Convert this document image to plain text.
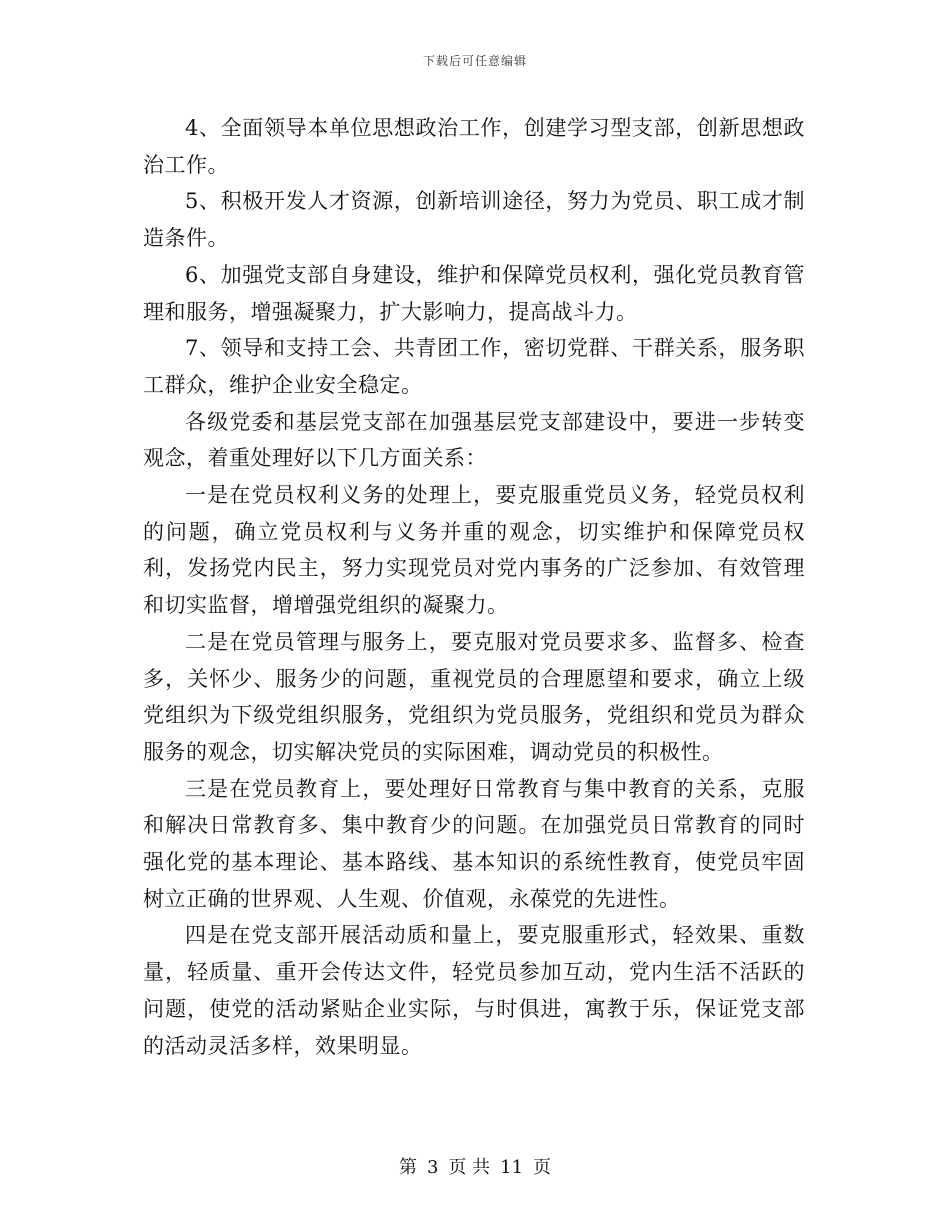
下载后可任意编辑

4、全面领导本单位思想政治工作，创建学习型支部，创新思想政治工作。

5、积极开发人才资源，创新培训途径，努力为党员、职工成才制造条件。

6、加强党支部自身建设，维护和保障党员权利，强化党员教育管理和服务，增强凝聚力，扩大影响力，提高战斗力。

7、领导和支持工会、共青团工作，密切党群、干群关系，服务职工群众，维护企业安全稳定。

各级党委和基层党支部在加强基层党支部建设中，要进一步转变观念，着重处理好以下几方面关系：

一是在党员权利义务的处理上，要克服重党员义务，轻党员权利的问题，确立党员权利与义务并重的观念，切实维护和保障党员权利，发扬党内民主，努力实现党员对党内事务的广泛参加、有效管理和切实监督，增增强党组织的凝聚力。

二是在党员管理与服务上，要克服对党员要求多、监督多、检查多，关怀少、服务少的问题，重视党员的合理愿望和要求，确立上级党组织为下级党组织服务，党组织为党员服务，党组织和党员为群众服务的观念，切实解决党员的实际困难，调动党员的积极性。

三是在党员教育上，要处理好日常教育与集中教育的关系，克服和解决日常教育多、集中教育少的问题。在加强党员日常教育的同时强化党的基本理论、基本路线、基本知识的系统性教育，使党员牢固树立正确的世界观、人生观、价值观，永葆党的先进性。

四是在党支部开展活动质和量上，要克服重形式，轻效果、重数量，轻质量、重开会传达文件，轻党员参加互动，党内生活不活跃的问题，使党的活动紧贴企业实际，与时俱进，寓教于乐，保证党支部的活动灵活多样，效果明显。

第 3 页 共 11 页
